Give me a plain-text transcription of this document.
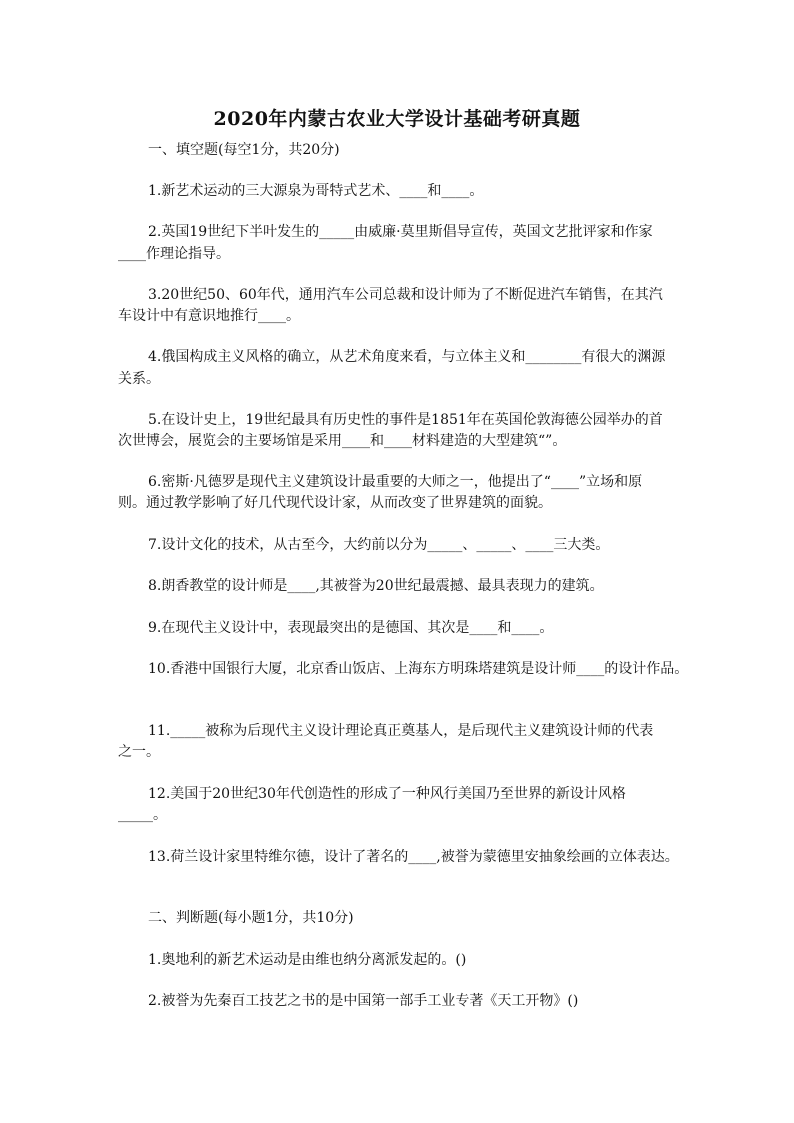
2020年内蒙古农业大学设计基础考研真题
一、填空题(每空1分，共20分)
1.新艺术运动的三大源泉为哥特式艺术、____和____。
2.英国19世纪下半叶发生的_____由威廉·莫里斯倡导宣传，英国文艺批评家和作家
____作理论指导。
3.20世纪50、60年代，通用汽车公司总裁和设计师为了不断促进汽车销售，在其汽
车设计中有意识地推行____。
4.俄国构成主义风格的确立，从艺术角度来看，与立体主义和________有很大的渊源
关系。
5.在设计史上，19世纪最具有历史性的事件是1851年在英国伦敦海德公园举办的首
次世博会，展览会的主要场馆是采用____和____材料建造的大型建筑“”。
6.密斯·凡德罗是现代主义建筑设计最重要的大师之一，他提出了“____”立场和原
则。通过教学影响了好几代现代设计家，从而改变了世界建筑的面貌。
7.设计文化的技术，从古至今，大约前以分为_____、_____、____三大类。
8.朗香教堂的设计师是____,其被誉为20世纪最震撼、最具表现力的建筑。
9.在现代主义设计中，表现最突出的是德国、其次是____和____。
10.香港中国银行大厦，北京香山饭店、上海东方明珠塔建筑是设计师____的设计作品。
11._____被称为后现代主义设计理论真正奠基人，是后现代主义建筑设计师的代表
之一。
12.美国于20世纪30年代创造性的形成了一种风行美国乃至世界的新设计风格
_____。
13.荷兰设计家里特维尔德，设计了著名的____,被誉为蒙德里安抽象绘画的立体表达。
二、判断题(每小题1分，共10分)
1.奥地利的新艺术运动是由维也纳分离派发起的。()
2.被誉为先秦百工技艺之书的是中国第一部手工业专著《天工开物》()
